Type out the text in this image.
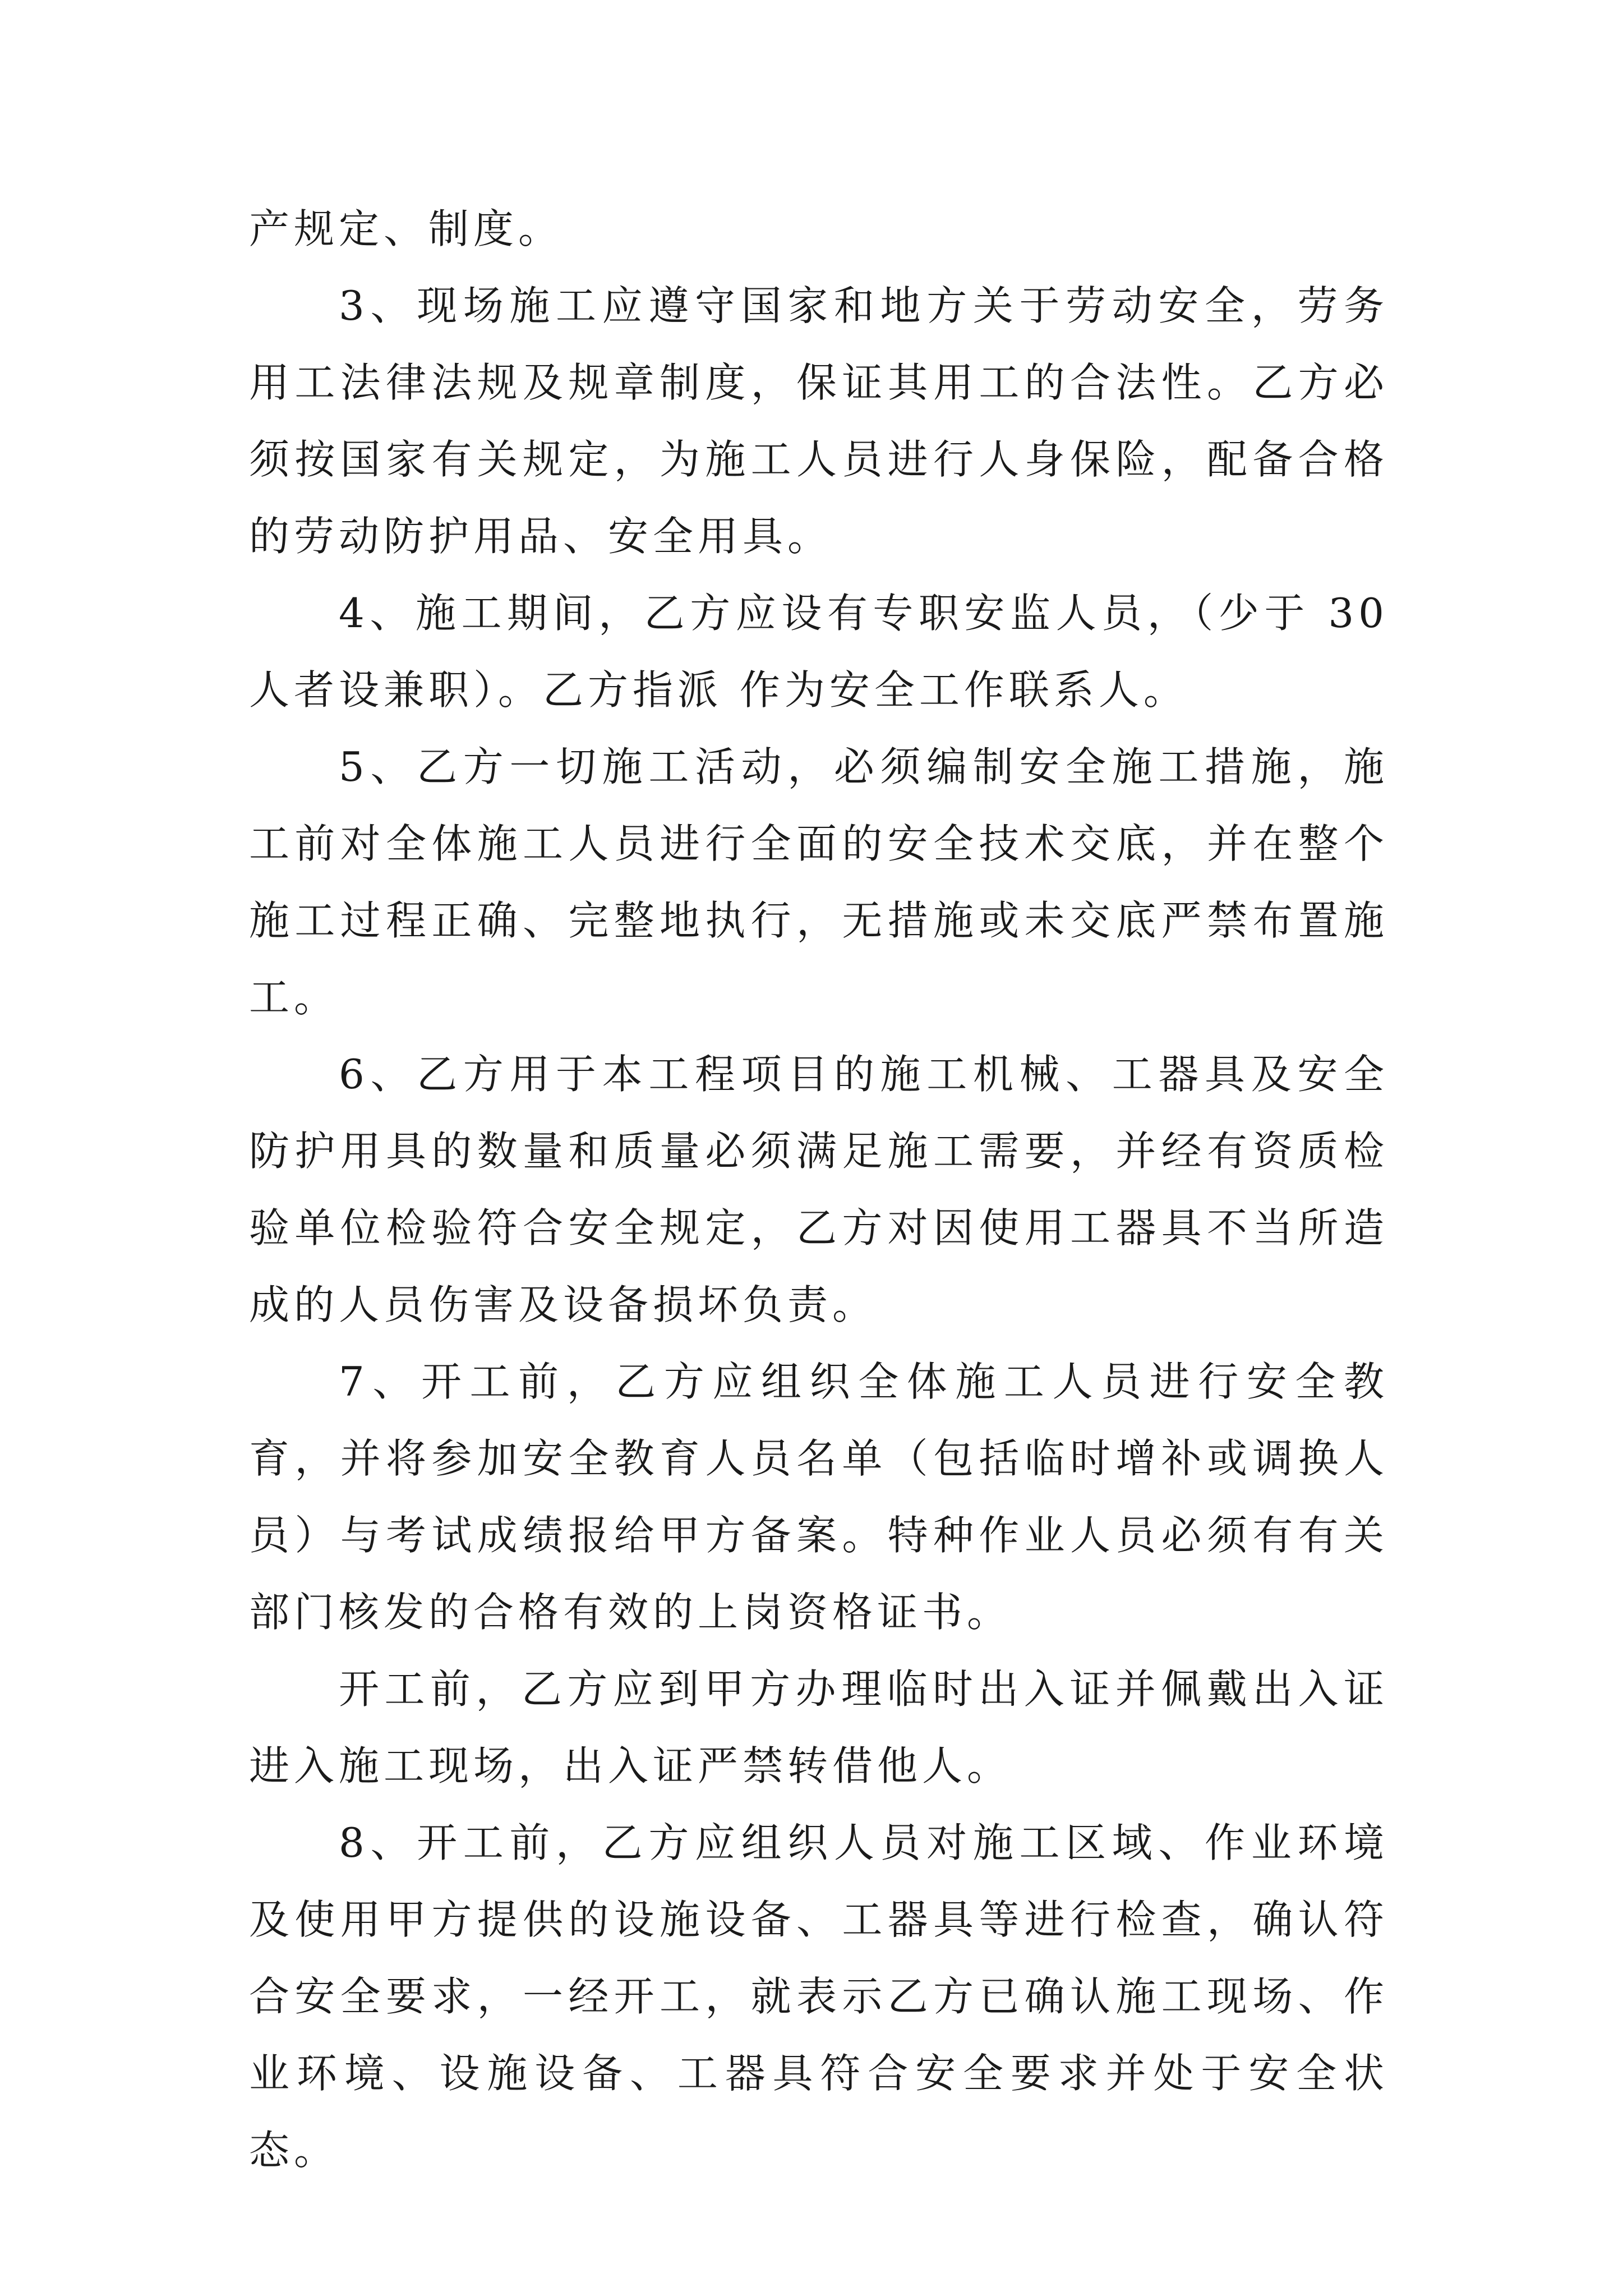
产规定、制度。

3、现场施工应遵守国家和地方关于劳动安全，劳务用工法律法规及规章制度，保证其用工的合法性。乙方必须按国家有关规定，为施工人员进行人身保险，配备合格的劳动防护用品、安全用具。

4、施工期间，乙方应设有专职安监人员，（少于 30 人者设兼职）。乙方指派 作为安全工作联系人。

5、乙方一切施工活动，必须编制安全施工措施，施工前对全体施工人员进行全面的安全技术交底，并在整个施工过程正确、完整地执行，无措施或未交底严禁布置施工。

6、乙方用于本工程项目的施工机械、工器具及安全防护用具的数量和质量必须满足施工需要，并经有资质检验单位检验符合安全规定，乙方对因使用工器具不当所造成的人员伤害及设备损坏负责。

7、开工前，乙方应组织全体施工人员进行安全教育，并将参加安全教育人员名单（包括临时增补或调换人员）与考试成绩报给甲方备案。特种作业人员必须有有关部门核发的合格有效的上岗资格证书。

开工前，乙方应到甲方办理临时出入证并佩戴出入证进入施工现场，出入证严禁转借他人。

8、开工前，乙方应组织人员对施工区域、作业环境及使用甲方提供的设施设备、工器具等进行检查，确认符合安全要求，一经开工，就表示乙方已确认施工现场、作业环境、设施设备、工器具符合安全要求并处于安全状态。
